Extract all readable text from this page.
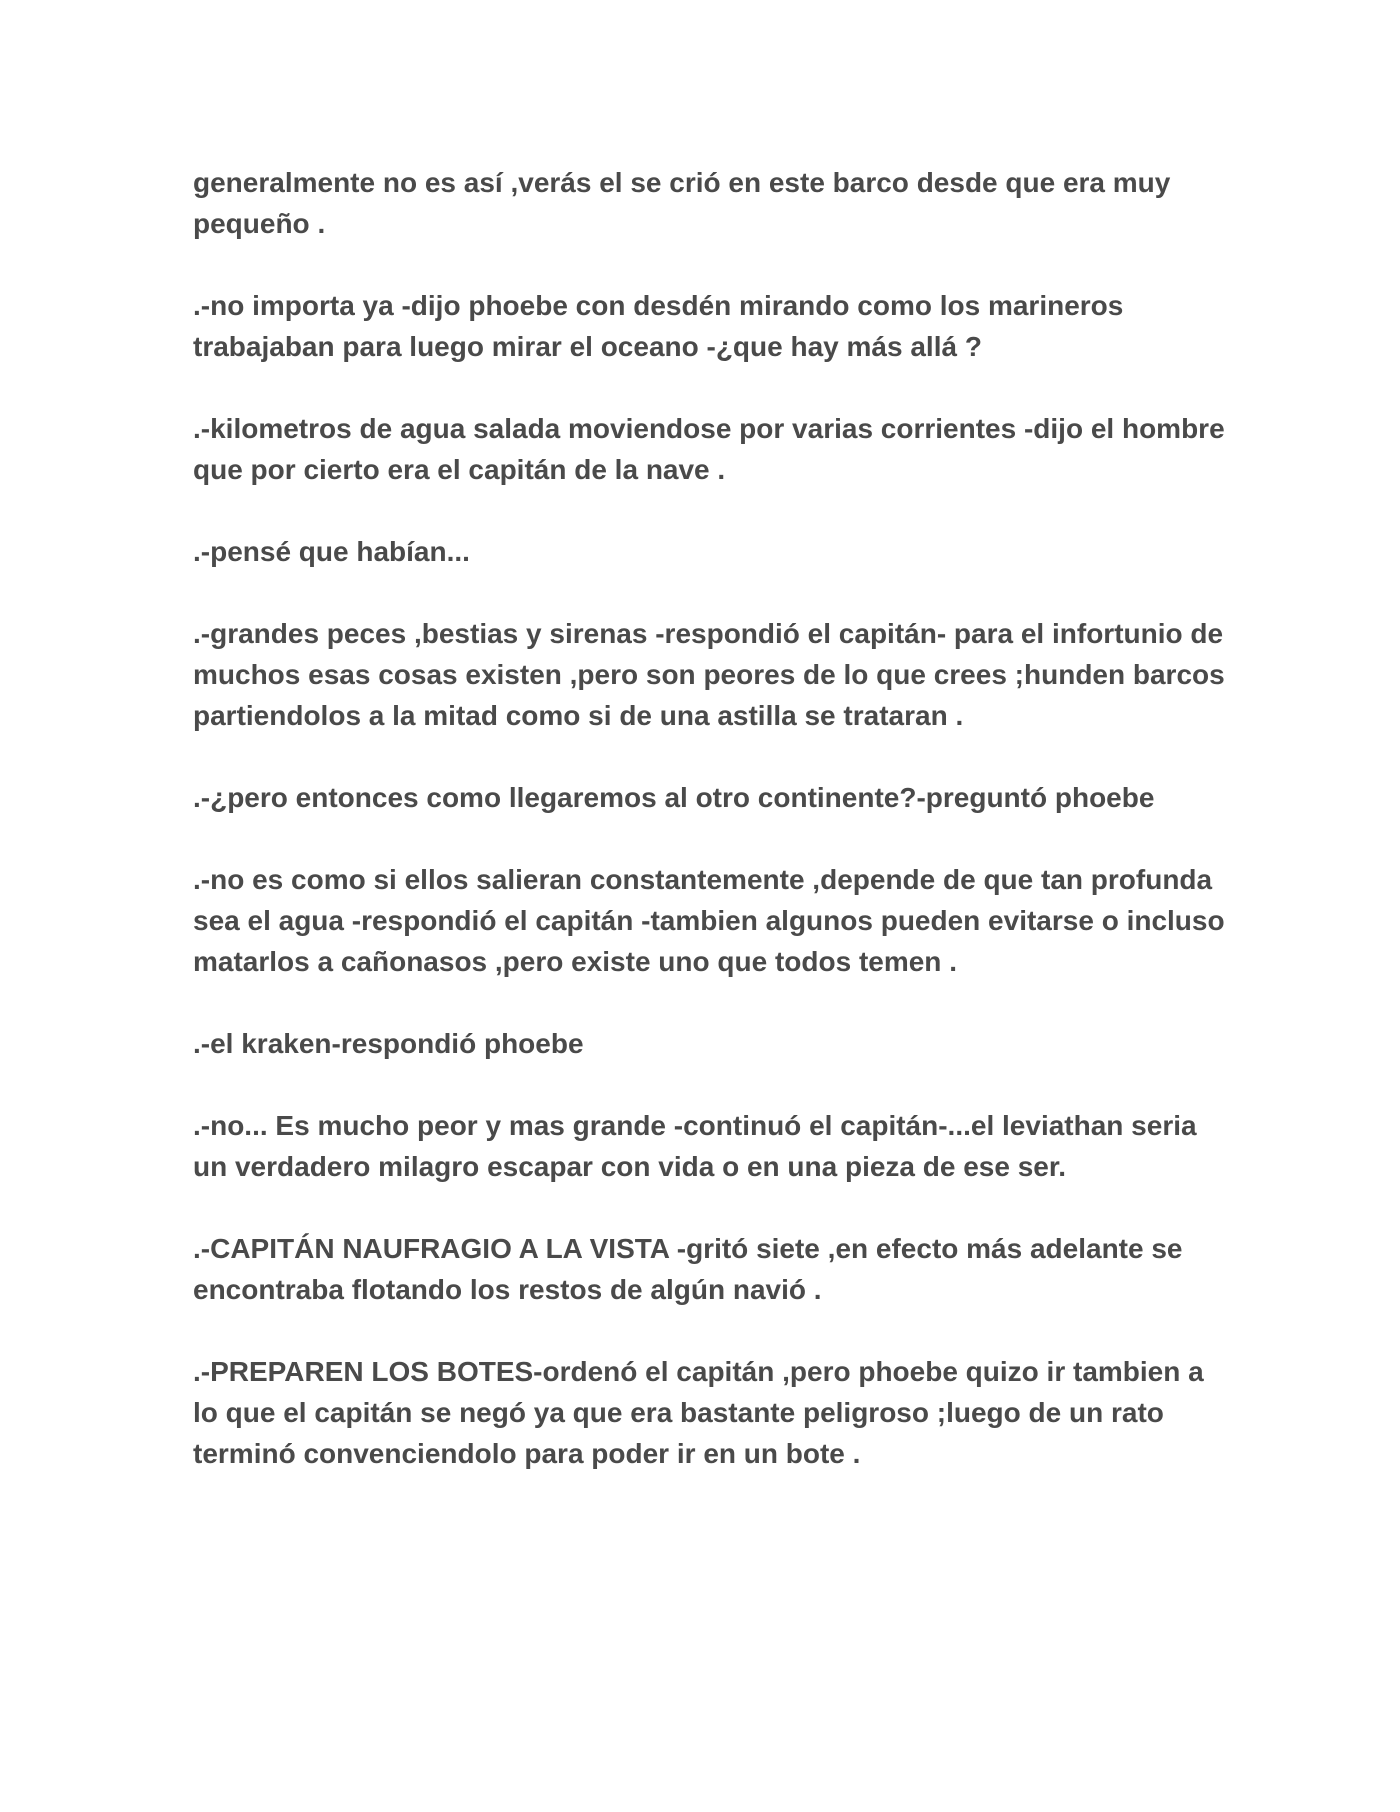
generalmente no es así ,verás el se crió en este barco desde que era muy pequeño .

.-no importa ya -dijo phoebe con desdén mirando como los marineros trabajaban para luego mirar el oceano -¿que hay más allá ?

.-kilometros de agua salada moviendose por varias corrientes -dijo el hombre que por cierto era el capitán de la nave .

.-pensé que habían...

.-grandes peces ,bestias y sirenas -respondió el capitán- para el infortunio de muchos esas cosas existen ,pero son peores de lo que crees ;hunden barcos partiendolos a la mitad como si de una astilla se trataran .

.-¿pero entonces como llegaremos al otro continente?-preguntó phoebe

.-no es como si ellos salieran constantemente ,depende de que tan profunda sea el agua -respondió el capitán -tambien algunos pueden evitarse o incluso matarlos a cañonasos ,pero existe uno que todos temen .

.-el kraken-respondió phoebe

.-no... Es mucho peor y mas grande -continuó el capitán-...el leviathan seria un verdadero milagro escapar con vida o en una pieza de ese ser.

.-CAPITÁN NAUFRAGIO A LA VISTA -gritó siete ,en efecto más adelante se encontraba flotando los restos de algún navió .

.-PREPAREN LOS BOTES-ordenó el capitán ,pero phoebe quizo ir tambien a lo que el capitán se negó ya que era bastante peligroso ;luego de un rato terminó convenciendolo para poder ir en un bote .
